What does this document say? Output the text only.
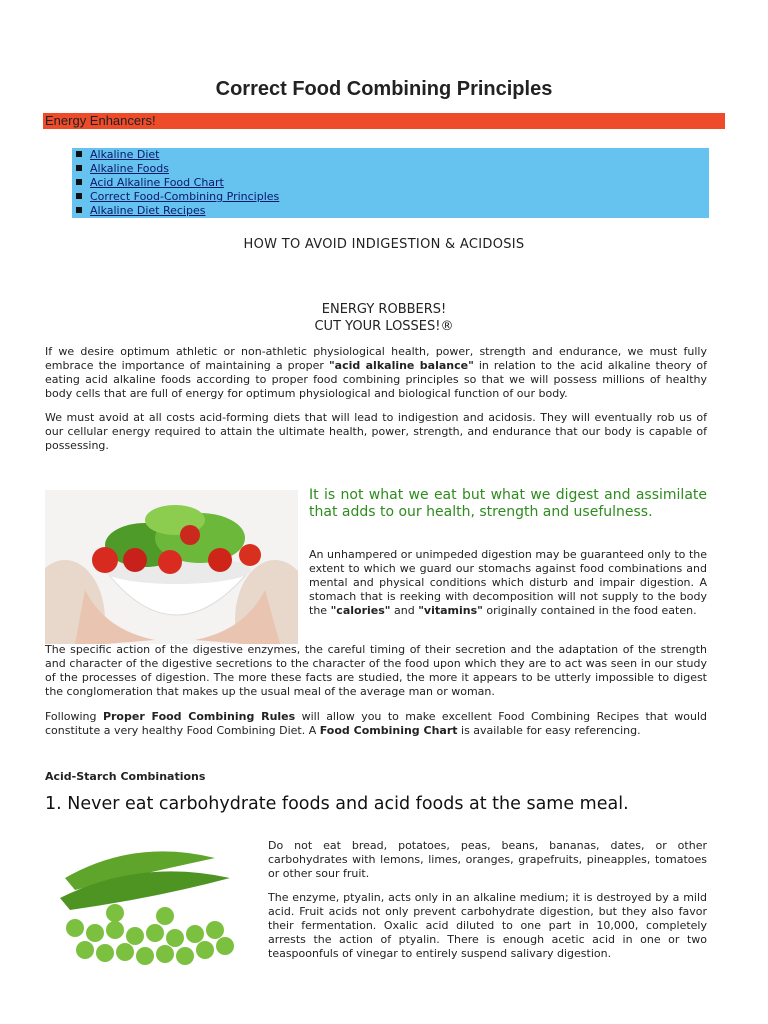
Correct Food Combining Principles
Energy Enhancers!
Alkaline Diet
Alkaline Foods
Acid Alkaline Food Chart
Correct Food-Combining Principles
Alkaline Diet Recipes
HOW TO AVOID INDIGESTION & ACIDOSIS
ENERGY ROBBERS!
CUT YOUR LOSSES!®

If we desire optimum athletic or non-athletic physiological health, power, strength and endurance, we must fully embrace the importance of maintaining a proper "acid alkaline balance" in relation to the acid alkaline theory of eating acid alkaline foods according to proper food combining principles so that we will possess millions of healthy body cells that are full of energy for optimum physiological and biological function of our body.

We must avoid at all costs acid-forming diets that will lead to indigestion and acidosis. They will eventually rob us of our cellular energy required to attain the ultimate health, power, strength, and endurance that our body is capable of possessing.

It is not what we eat but what we digest and assimilate that adds to our health, strength and usefulness.

An unhampered or unimpeded digestion may be guaranteed only to the extent to which we guard our stomachs against food combinations and mental and physical conditions which disturb and impair digestion. A stomach that is reeking with decomposition will not supply to the body the "calories" and "vitamins" originally contained in the food eaten.

The specific action of the digestive enzymes, the careful timing of their secretion and the adaptation of the strength and character of the digestive secretions to the character of the food upon which they are to act was seen in our study of the processes of digestion. The more these facts are studied, the more it appears to be utterly impossible to digest the conglomeration that makes up the usual meal of the average man or woman.

Following Proper Food Combining Rules will allow you to make excellent Food Combining Recipes that would constitute a very healthy Food Combining Diet. A Food Combining Chart is available for easy referencing.

Acid-Starch Combinations
1. Never eat carbohydrate foods and acid foods at the same meal.

Do not eat bread, potatoes, peas, beans, bananas, dates, or other carbohydrates with lemons, limes, oranges, grapefruits, pineapples, tomatoes or other sour fruit.

The enzyme, ptyalin, acts only in an alkaline medium; it is destroyed by a mild acid. Fruit acids not only prevent carbohydrate digestion, but they also favor their fermentation. Oxalic acid diluted to one part in 10,000, completely arrests the action of ptyalin. There is enough acetic acid in one or two teaspoonfuls of vinegar to entirely suspend salivary digestion.
